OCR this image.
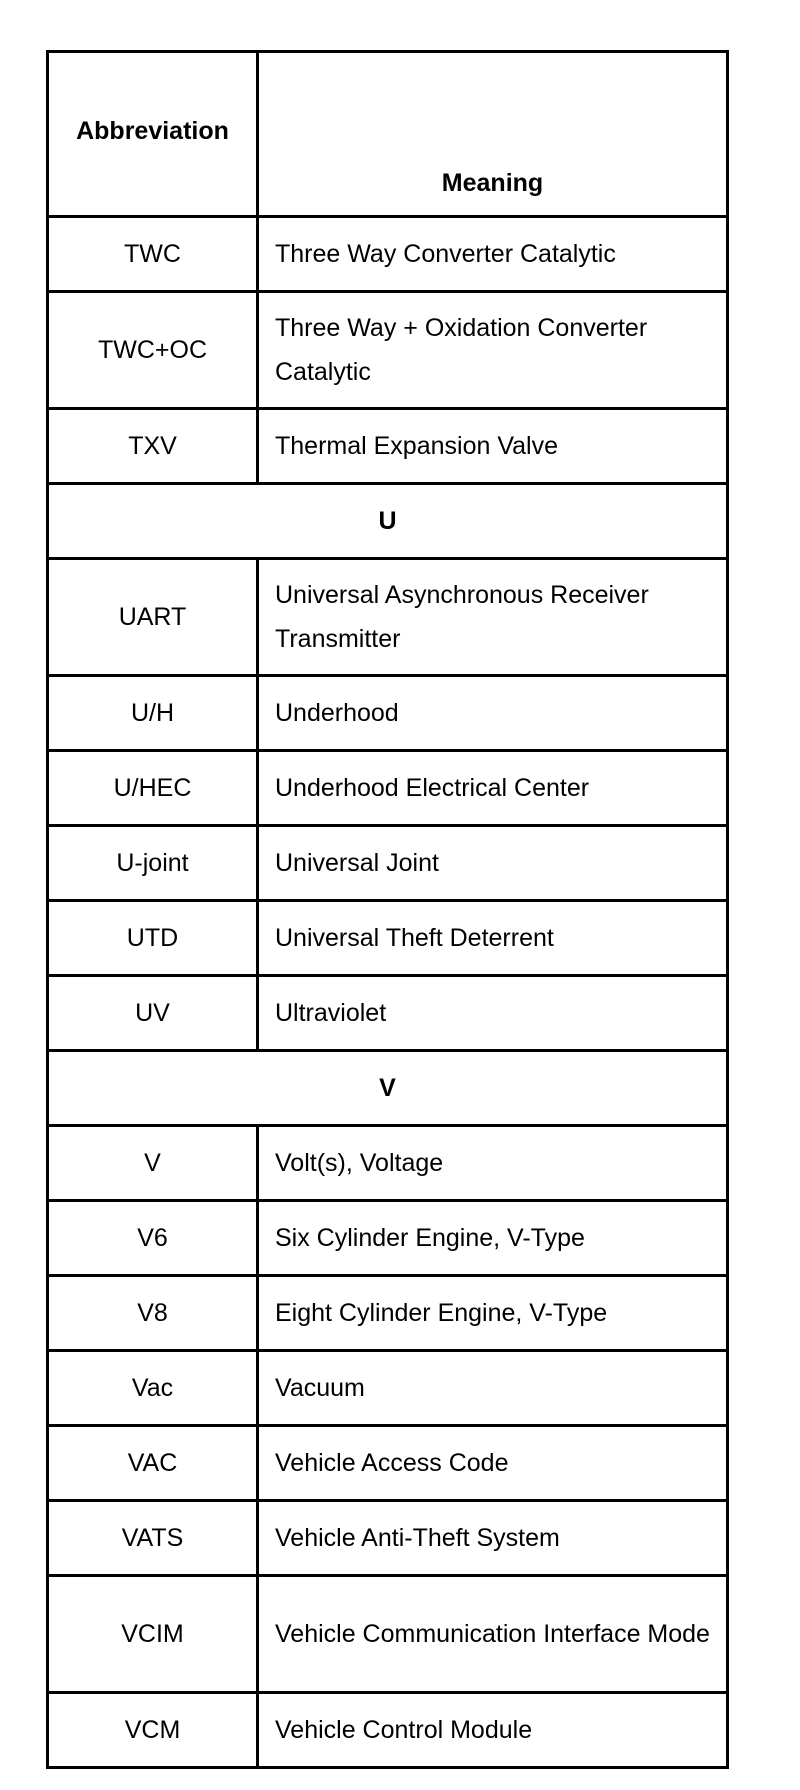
Abbreviation	Meaning
TWC	Three Way Converter Catalytic
TWC+OC	Three Way + Oxidation Converter Catalytic
TXV	Thermal Expansion Valve
U	
UART	Universal Asynchronous Receiver Transmitter
U/H	Underhood
U/HEC	Underhood Electrical Center
U-joint	Universal Joint
UTD	Universal Theft Deterrent
UV	Ultraviolet
V	
V	Volt(s), Voltage
V6	Six Cylinder Engine, V-Type
V8	Eight Cylinder Engine, V-Type
Vac	Vacuum
VAC	Vehicle Access Code
VATS	Vehicle Anti-Theft System
VCIM	Vehicle Communication Interface Mode
VCM	Vehicle Control Module
